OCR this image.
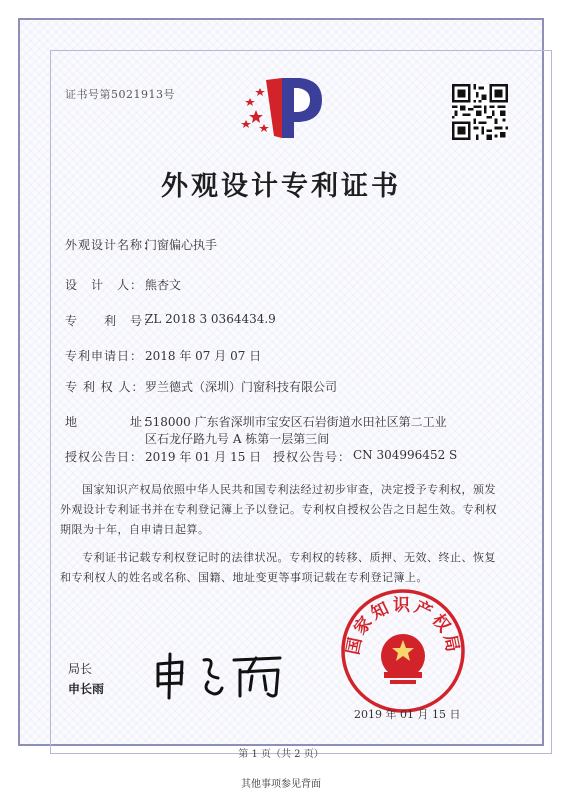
证书号第5021913号
外观设计专利证书
外观设计名称：
门窗偏心执手
设　计　人： 熊杏文
专　　利　号：
ZL 2018 3 0364434.9
专利申请日： 2018 年 07 月 07 日
专 利 权 人： 罗兰德式（深圳）门窗科技有限公司
地　　　　址：
518000 广东省深圳市宝安区石岩街道水田社区第二工业
区石龙仔路九号 A 栋第一层第三间
授权公告日： 2019 年 01 月 15 日 授权公告号： CN 304996452 S
国家知识产权局依照中华人民共和国专利法经过初步审查，决定授予专利权，颁发外观设计专利证书并在专利登记簿上予以登记。专利权自授权公告之日起生效。专利权期限为十年，自申请日起算。
专利证书记载专利权登记时的法律状况。专利权的转移、质押、无效、终止、恢复和专利权人的姓名或名称、国籍、地址变更等事项记载在专利登记簿上。
局长
申长雨
国家知识产权局
2019 年 01 月 15 日
第 1 页（共 2 页）
其他事项参见背面
